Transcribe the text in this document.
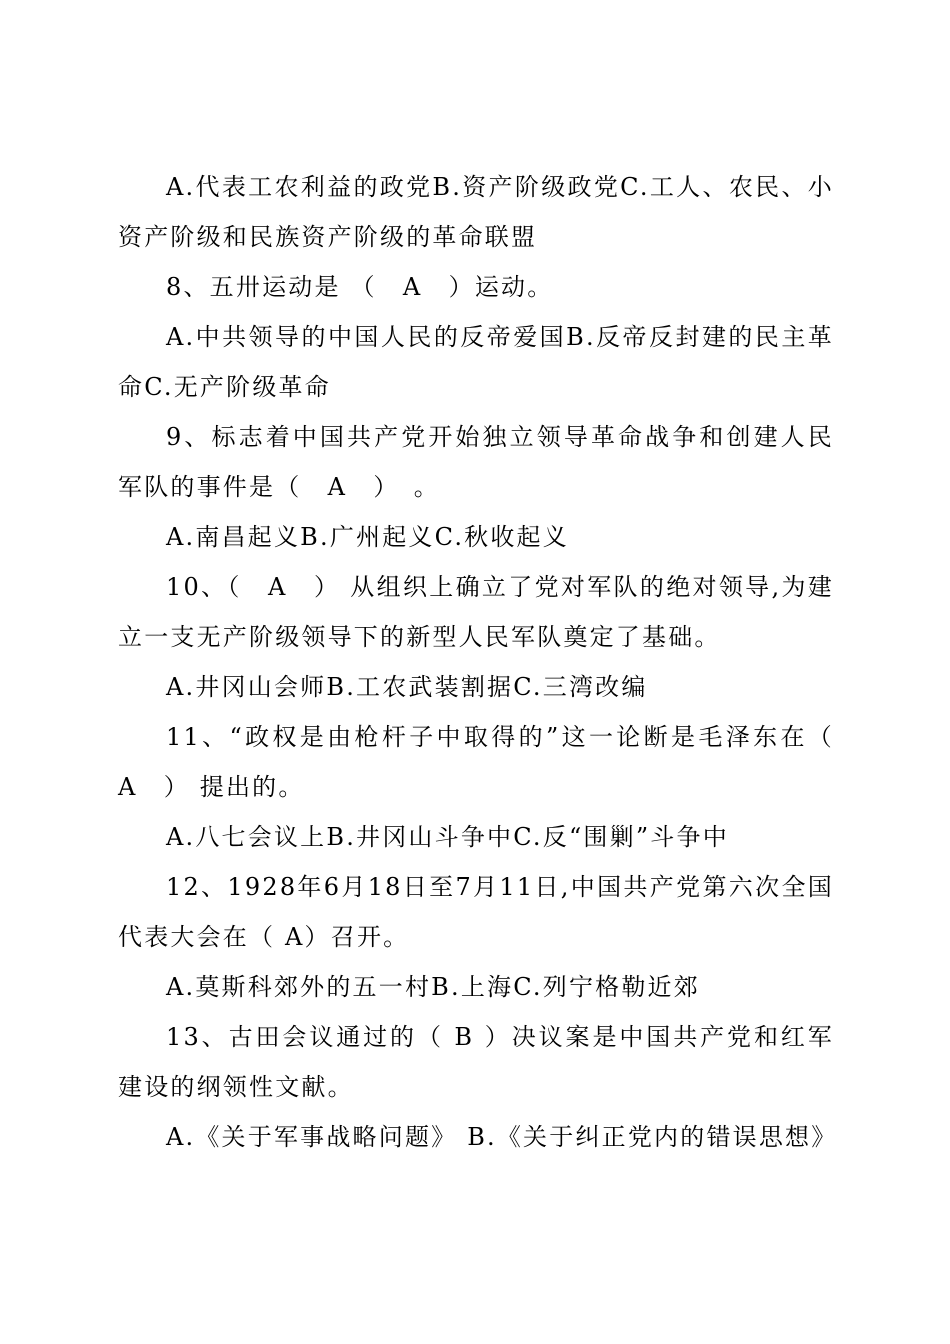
A.代表工农利益的政党B.资产阶级政党C.工人、农民、小资产阶级和民族资产阶级的革命联盟

8、五卅运动是 （　A　）运动。

A.中共领导的中国人民的反帝爱国B.反帝反封建的民主革命C.无产阶级革命

9、标志着中国共产党开始独立领导革命战争和创建人民军队的事件是（　A　）　。

A.南昌起义B.广州起义C.秋收起义

10、（　A　） 从组织上确立了党对军队的绝对领导,为建立一支无产阶级领导下的新型人民军队奠定了基础。

A.井冈山会师B.工农武装割据C.三湾改编

11、“政权是由枪杆子中取得的”这一论断是毛泽东在（　A　） 提出的。

A.八七会议上B.井冈山斗争中C.反“围剿”斗争中

12、1928年6月18日至7月11日,中国共产党第六次全国代表大会在（ A）召开。

A.莫斯科郊外的五一村B.上海C.列宁格勒近郊

13、古田会议通过的（ B ）决议案是中国共产党和红军建设的纲领性文献。

A.《关于军事战略问题》 B.《关于纠正党内的错误思想》
